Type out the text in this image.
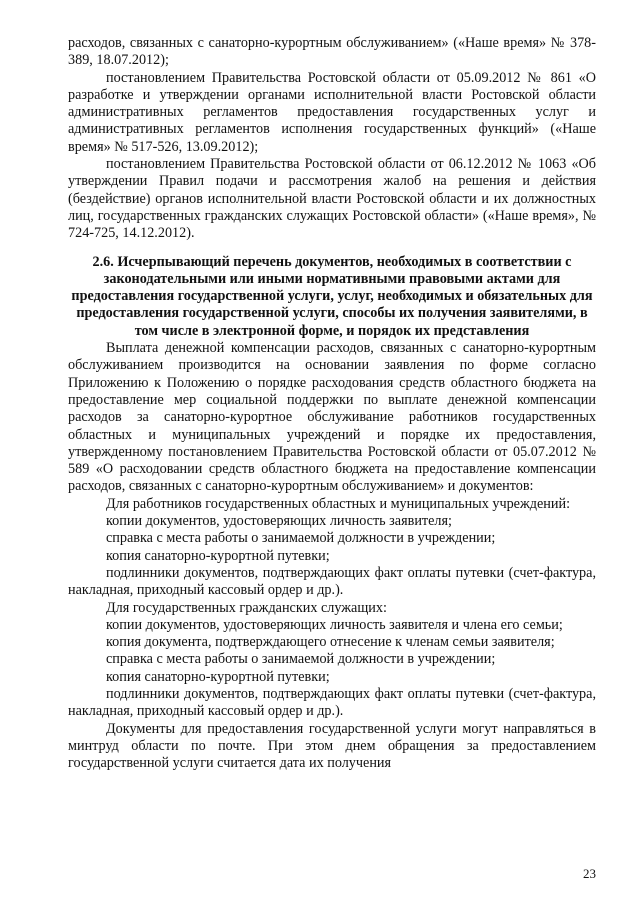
расходов, связанных с санаторно-курортным обслуживанием» («Наше время» № 378-389, 18.07.2012);

постановлением Правительства Ростовской области от 05.09.2012 № 861 «О разработке и утверждении органами исполнительной власти Ростовской области административных регламентов предоставления государственных услуг и административных регламентов исполнения государственных функций» («Наше время» № 517-526, 13.09.2012);

постановлением Правительства Ростовской области от 06.12.2012 № 1063 «Об утверждении Правил подачи и рассмотрения жалоб на решения и действия (бездействие) органов исполнительной власти Ростовской области и их должностных лиц, государственных гражданских служащих Ростовской области» («Наше время», № 724-725, 14.12.2012).

2.6. Исчерпывающий перечень документов, необходимых в соответствии с законодательными или иными нормативными правовыми актами для предоставления государственной услуги, услуг, необходимых и обязательных для предоставления государственной услуги, способы их получения заявителями, в том числе в электронной форме, и порядок их представления

Выплата денежной компенсации расходов, связанных с санаторно-курортным обслуживанием производится на основании заявления по форме согласно Приложению к Положению о порядке расходования средств областного бюджета на предоставление мер социальной поддержки по выплате денежной компенсации расходов за санаторно-курортное обслуживание работников государственных областных и муниципальных учреждений и порядке их предоставления, утвержденному постановлением Правительства Ростовской области от 05.07.2012 № 589 «О расходовании средств областного бюджета на предоставление компенсации расходов, связанных с санаторно-курортным обслуживанием» и документов:

Для работников государственных областных и муниципальных учреждений:

копии документов, удостоверяющих личность заявителя;

справка с места работы о занимаемой должности в учреждении;

копия санаторно-курортной путевки;

подлинники документов, подтверждающих факт оплаты путевки (счет-фактура, накладная, приходный кассовый ордер и др.).

Для государственных гражданских служащих:

копии документов, удостоверяющих личность заявителя и члена его семьи;

копия документа, подтверждающего отнесение к членам семьи заявителя;

справка с места работы о занимаемой должности в учреждении;

копия санаторно-курортной путевки;

подлинники документов, подтверждающих факт оплаты путевки (счет-фактура, накладная, приходный кассовый ордер и др.).

Документы для предоставления государственной услуги могут направляться в минтруд области по почте. При этом днем обращения за предоставлением государственной услуги считается дата их получения

23
